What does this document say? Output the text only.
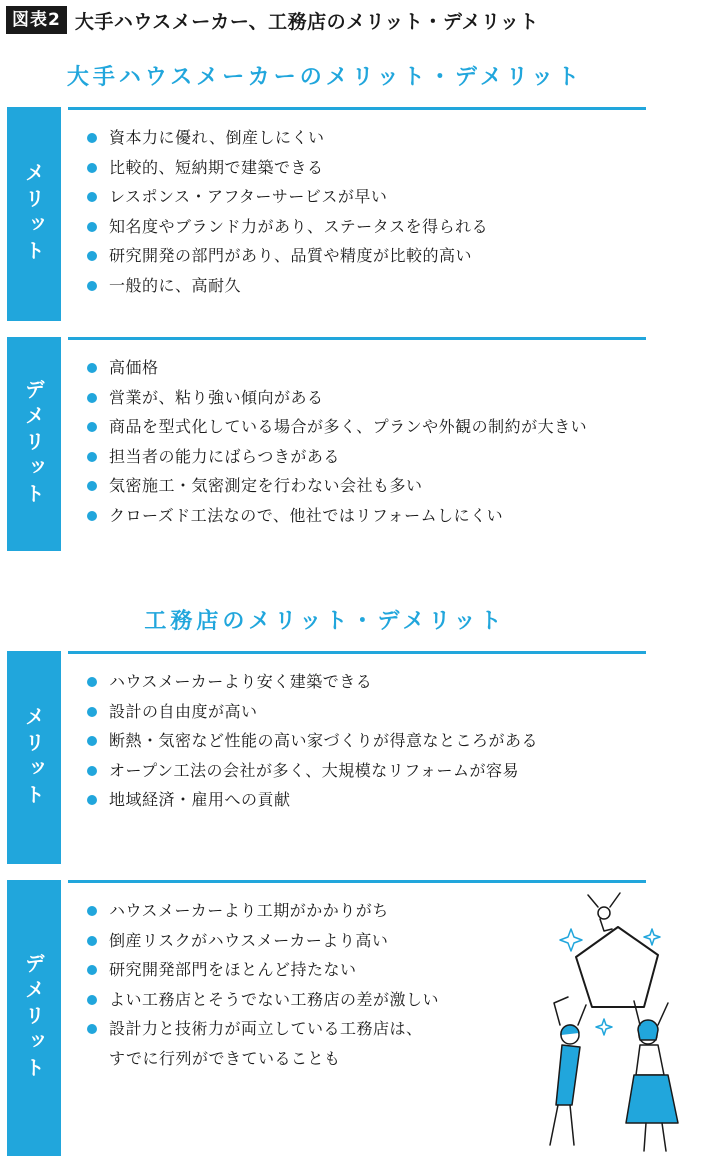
図表2 大手ハウスメーカー、工務店のメリット・デメリット
大手ハウスメーカーのメリット・デメリット
メリット
資本力に優れ、倒産しにくい
比較的、短納期で建築できる
レスポンス・アフターサービスが早い
知名度やブランド力があり、ステータスを得られる
研究開発の部門があり、品質や精度が比較的高い
一般的に、高耐久
デメリット
高価格
営業が、粘り強い傾向がある
商品を型式化している場合が多く、プランや外観の制約が大きい
担当者の能力にばらつきがある
気密施工・気密測定を行わない会社も多い
クローズド工法なので、他社ではリフォームしにくい
工務店のメリット・デメリット
メリット
ハウスメーカーより安く建築できる
設計の自由度が高い
断熱・気密など性能の高い家づくりが得意なところがある
オープン工法の会社が多く、大規模なリフォームが容易
地域経済・雇用への貢献
デメリット
ハウスメーカーより工期がかかりがち
倒産リスクがハウスメーカーより高い
研究開発部門をほとんど持たない
よい工務店とそうでない工務店の差が激しい
設計力と技術力が両立している工務店は、
すでに行列ができていることも
